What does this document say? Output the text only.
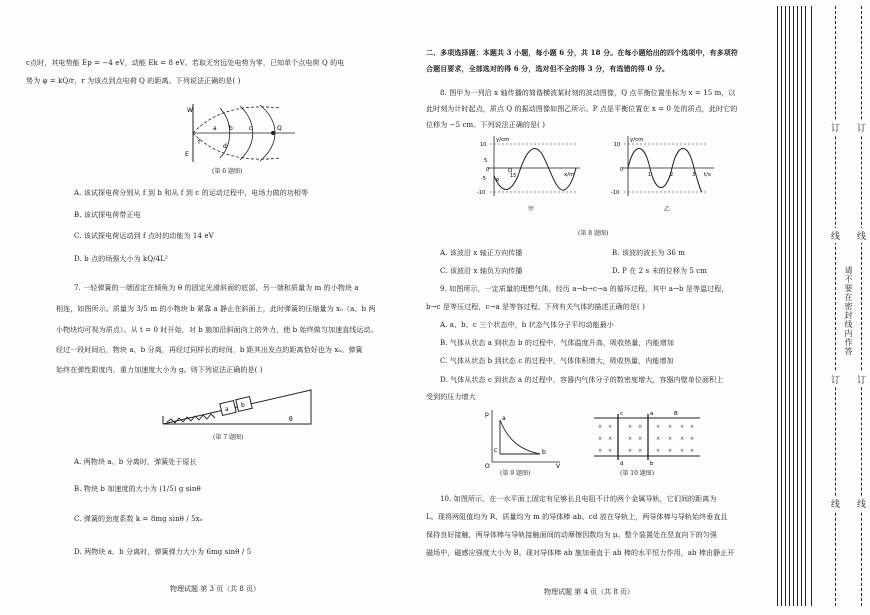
c点时，其电势能 Ep = −4 eV，动能 Ek = 8 eV。若取无穷远处电势为零，已知单个点电荷 Q 的电
势为 φ = kQ/r，r 为该点到点电荷 Q 的距离。下列说法正确的是( )
W
Q
E
a b	c
f
d
(第 6 题图)
A. 该试探电荷分别从 f 到 b 和从 f 到 c 的运动过程中，电场力做的功相等
B. 该试探电荷带正电
C. 该试探电荷运动到 f 点时的动能为 14 eV
D. b 点的场强大小为 kQ/4L²
7. 一轻弹簧的一端固定在倾角为 θ 的固定光滑斜面的底部，另一端和质量为 m 的小物块 a
相连，如图所示。质量为 3/5 m 的小物块 b 紧靠 a 静止在斜面上，此时弹簧的压缩量为 x₀（a、b 两
小物块均可视为质点）。从 t = 0 时开始，对 b 施加沿斜面向上的外力，使 b 始终做匀加速直线运动。
经过一段时间后，物块 a、b 分离，再经过同样长的时间，b 距其出发点的距离恰好也为 x₀。弹簧
始终在弹性限度内，重力加速度大小为 g。则下列说法正确的是( )
a
b
θ
(第 7 题图)
A. 两物块 a、b 分离时，弹簧处于原长
B. 物块 b 加速度的大小为 (1/5) g sinθ
C. 弹簧的劲度系数 k = 8mg sinθ / 5x₀
D. 两物块 a、b 分离时，弹簧弹力大小为 6mg sinθ / 5
物理试题 第 3 页（共 8 页）
二、多项选择题：本题共 3 小题，每小题 6 分，共 18 分。在每小题给出的四个选项中，有多项符
合题目要求，全部选对的得 6 分，选对但不全的得 3 分，有选错的得 0 分。
8. 图甲为一列沿 x 轴传播的简谐横波某时刻的波动图像，Q 点平衡位置坐标为 x = 15 m，以
此时刻为计时起点，质点 Q 的振动图像如图乙所示。P 点是平衡位置在 x = 0 处的质点，此时它的
位移为 −5 cm。下列说法正确的是( )
y/cm
x/m
10
5
0
-5
-10
P
Q
15
甲
y/cm
t/s
10
0
-10
1	2	3
乙
(第 8 题图)
A. 该波沿 x 轴正方向传播	B. 该波的波长为 36 m
C. 该波沿 x 轴负方向传播	D. P 在 2 s 末的位移为 5 cm
9. 如图所示，一定质量的理想气体，经历 a→b→c→a 的循环过程，其中 a→b 是等温过程，
b→c 是等压过程，c→a 是等容过程。下列有关气体的描述正确的是( )
A. a、b、c 三个状态中，b 状态气体分子平均动能最小
B. 气体从状态 a 到状态 b 的过程中，气体温度升高，吸收热量，内能增加
C. 气体从状态 b 到状态 c 的过程中，气体体积增大，吸收热量，内能增加
D. 气体从状态 c 到状态 a 的过程中，容器内气体分子的数密度增大，容器内壁单位面积上
受到的压力增大
p
V
O
a
b
c
(第 9 题图)
× ×	× ×	× × × ×
× ×	× ×	× × × ×
× ×	× ×	× × × ×
c
d
a
b
B
(第 10 题图)
10. 如图所示，在一水平面上固定有足够长且电阻不计的两个金属导轨，它们间的距离为
L。现将两阻值均为 R、质量均为 m 的导体棒 ab、cd 放在导轨上，两导体棒与导轨始终垂直且
保持良好接触，两导体棒与导轨接触面间的动摩擦因数均为 μ。整个装置处在竖直向下的匀强
磁场中，磁感应强度大小为 B。现对导体棒 ab 施加垂直于 ab 棒的水平恒力作用，ab 棒由静止开
物理试题 第 4 页（共 8 页）
订
线
订
线
订
线
订
线
请不要在密封线内作答
